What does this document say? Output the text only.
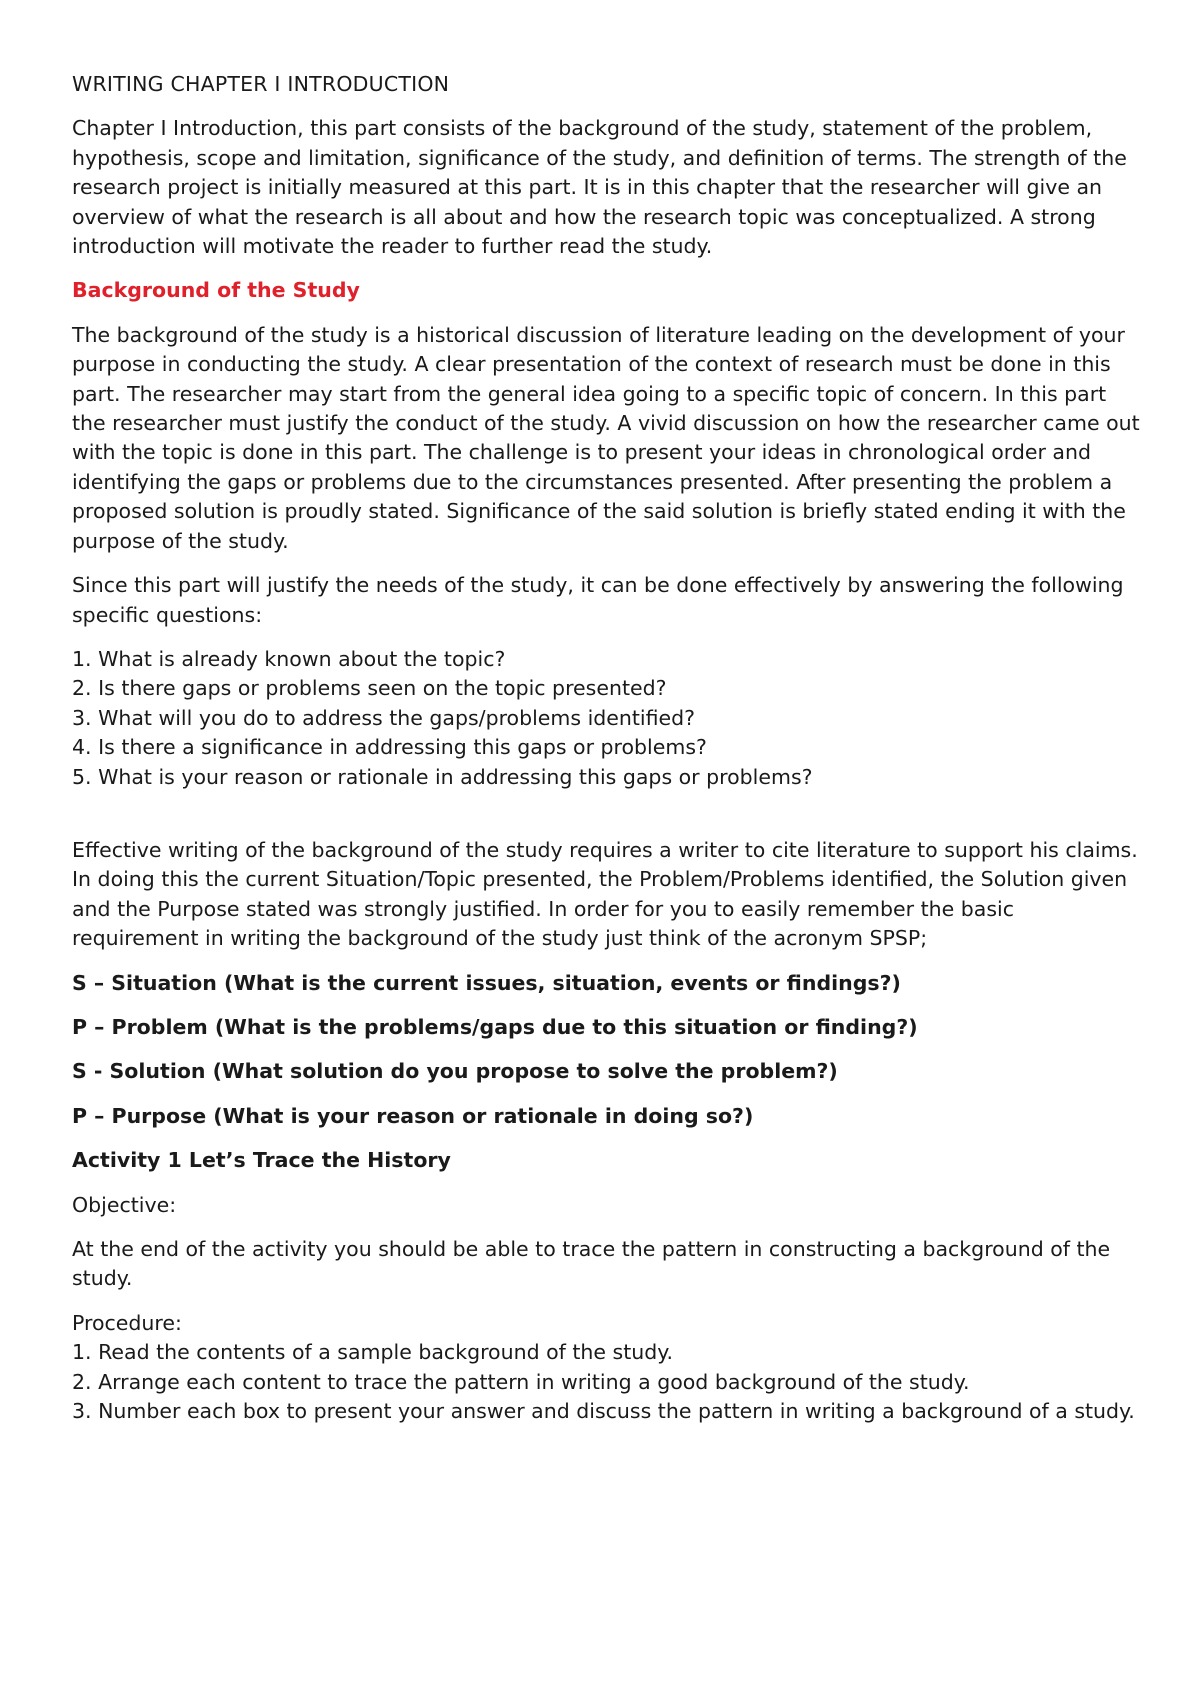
WRITING CHAPTER I INTRODUCTION

Chapter I Introduction, this part consists of the background of the study, statement of the problem, hypothesis, scope and limitation, significance of the study, and definition of terms. The strength of the research project is initially measured at this part. It is in this chapter that the researcher will give an overview of what the research is all about and how the research topic was conceptualized. A strong introduction will motivate the reader to further read the study.

Background of the Study

The background of the study is a historical discussion of literature leading on the development of your purpose in conducting the study. A clear presentation of the context of research must be done in this part. The researcher may start from the general idea going to a specific topic of concern. In this part the researcher must justify the conduct of the study. A vivid discussion on how the researcher came out with the topic is done in this part. The challenge is to present your ideas in chronological order and identifying the gaps or problems due to the circumstances presented. After presenting the problem a proposed solution is proudly stated. Significance of the said solution is briefly stated ending it with the purpose of the study.

Since this part will justify the needs of the study, it can be done effectively by answering the following specific questions:

1. What is already known about the topic?
2. Is there gaps or problems seen on the topic presented?
3. What will you do to address the gaps/problems identified?
4. Is there a significance in addressing this gaps or problems?
5. What is your reason or rationale in addressing this gaps or problems?

Effective writing of the background of the study requires a writer to cite literature to support his claims. In doing this the current Situation/Topic presented, the Problem/Problems identified, the Solution given and the Purpose stated was strongly justified. In order for you to easily remember the basic requirement in writing the background of the study just think of the acronym SPSP;

S – Situation (What is the current issues, situation, events or findings?)

P – Problem (What is the problems/gaps due to this situation or finding?)

S - Solution (What solution do you propose to solve the problem?)

P – Purpose (What is your reason or rationale in doing so?)

Activity 1 Let’s Trace the History

Objective:

At the end of the activity you should be able to trace the pattern in constructing a background of the study.

Procedure:

1. Read the contents of a sample background of the study.
2. Arrange each content to trace the pattern in writing a good background of the study.
3. Number each box to present your answer and discuss the pattern in writing a background of a study.
